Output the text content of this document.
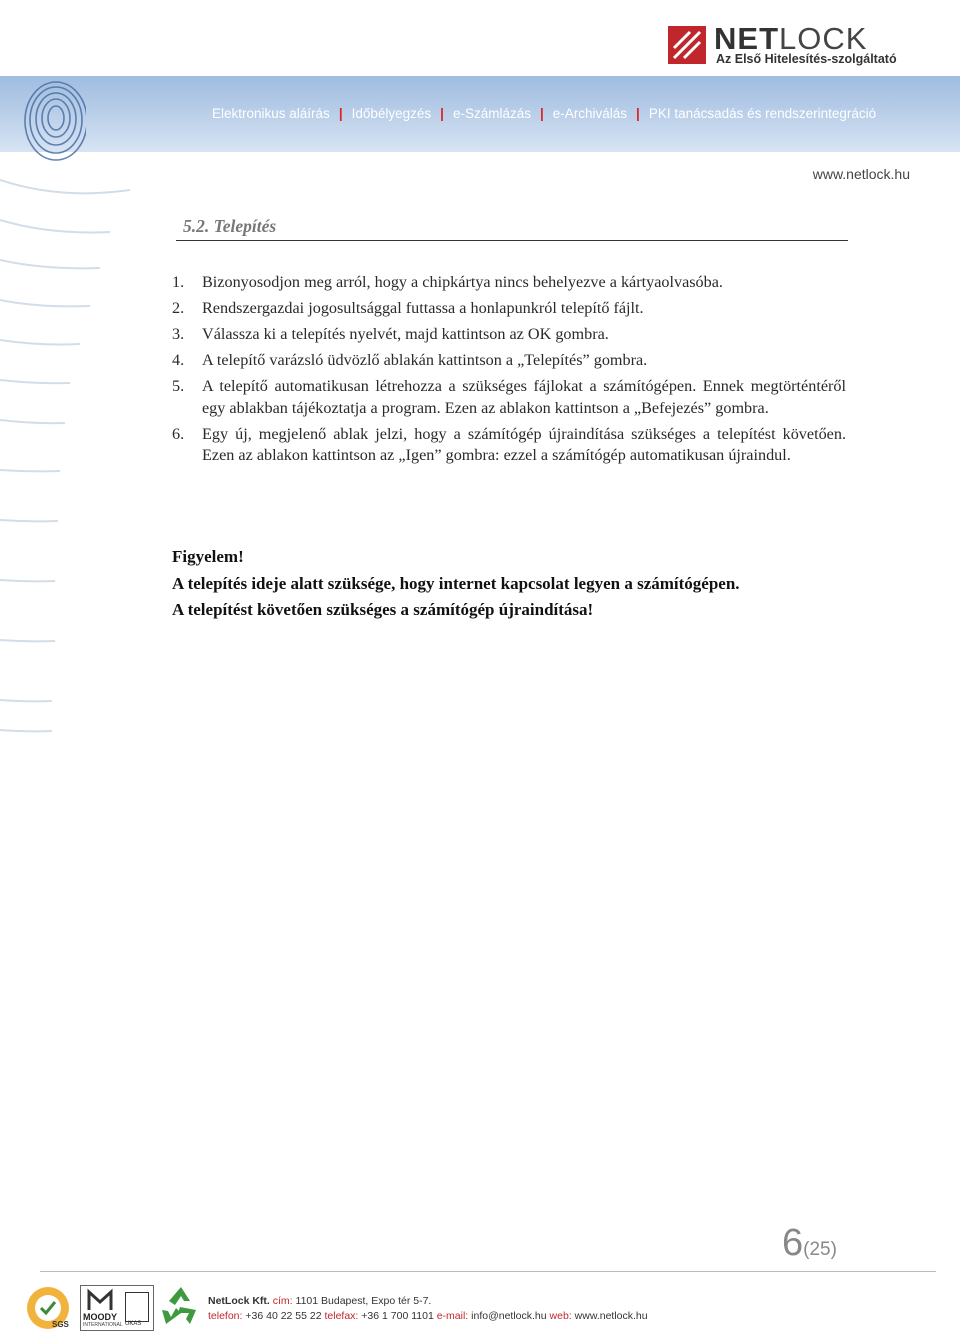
Elektronikus aláírás | Időbélyegzés | e-Számlázás | e-Archiválás | PKI tanácsadás és rendszerintegráció
NETLOCK
Az Első Hitelesítés-szolgáltató
www.netlock.hu
5.2. Telepítés
1. Bizonyosodjon meg arról, hogy a chipkártya nincs behelyezve a kártyaolvasóba.
2. Rendszergazdai jogosultsággal futtassa a honlapunkról telepítő fájlt.
3. Válassza ki a telepítés nyelvét, majd kattintson az OK gombra.
4. A telepítő varázsló üdvözlő ablakán kattintson a „Telepítés” gombra.
5. A telepítő automatikusan létrehozza a szükséges fájlokat a számítógépen. Ennek megtörténtéről egy ablakban tájékoztatja a program. Ezen az ablakon kattintson a „Befejezés” gombra.
6. Egy új, megjelenő ablak jelzi, hogy a számítógép újraindítása szükséges a telepítést követően. Ezen az ablakon kattintson az „Igen” gombra: ezzel a számítógép automatikusan újraindul.
Figyelem!
A telepítés ideje alatt szüksége, hogy internet kapcsolat legyen a számítógépen.
A telepítést követően szükséges a számítógép újraindítása!
6(25)
SGS
MOODY
INTERNATIONAL UKAS
NetLock Kft. cím: 1101 Budapest, Expo tér 5-7.
telefon: +36 40 22 55 22 telefax: +36 1 700 1101 e-mail: info@netlock.hu web: www.netlock.hu
